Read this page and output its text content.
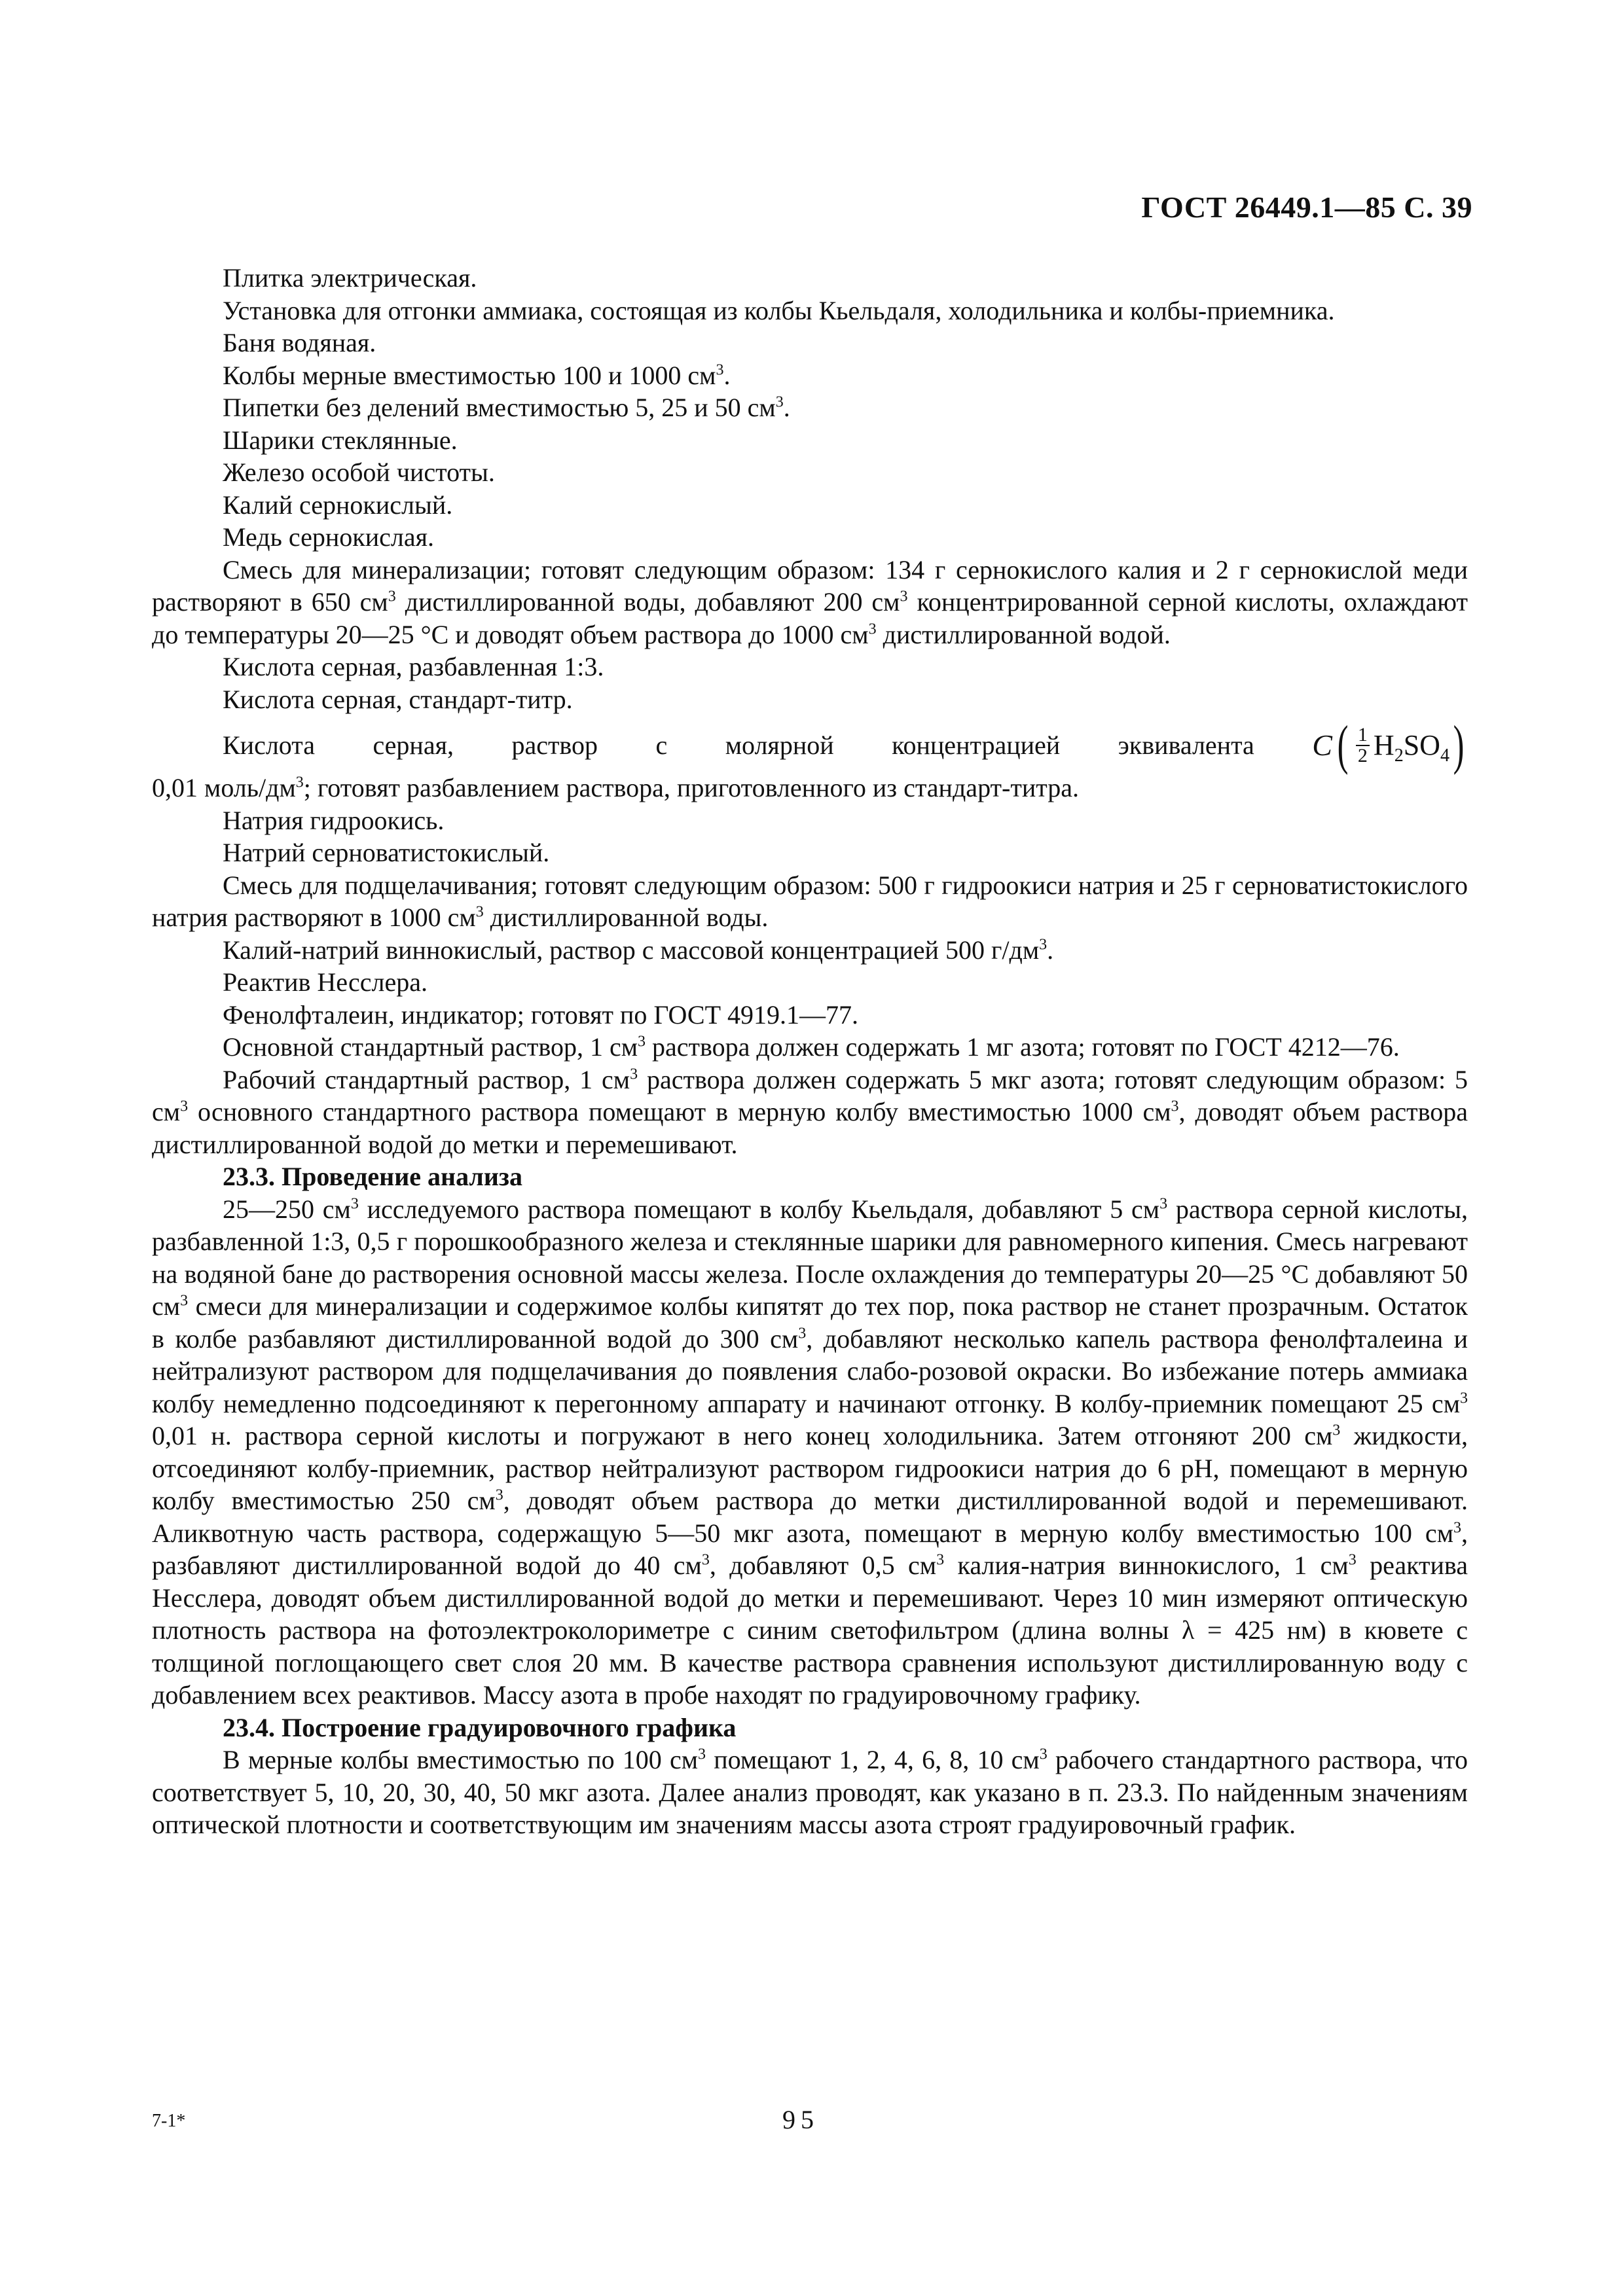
ГОСТ 26449.1—85 С. 39

Плитка электрическая.

Установка для отгонки аммиака, состоящая из колбы Кьельдаля, холодильника и колбы-приемника.

Баня водяная.

Колбы мерные вместимостью 100 и 1000 $см^3$.

Пипетки без делений вместимостью 5, 25 и 50 $см^3$.

Шарики стеклянные.

Железо особой чистоты.

Калий сернокислый.

Медь сернокислая.

Смесь для минерализации; готовят следующим образом: 134 г сернокислого калия и 2 г сернокислой меди растворяют в 650 $см^3$ дистиллированной воды, добавляют 200 $см^3$ концентрированной серной кислоты, охлаждают до температуры 20—25 °С и доводят объем раствора до 1000 $см^3$ дистиллированной водой.

Кислота серная, разбавленная 1:3.

Кислота серная, стандарт-титр.

Кислота серная, раствор с молярной концентрацией эквивалента C ( $\frac{1}{2} H_2SO_4$ )

0,01 моль/$дм^3$; готовят разбавлением раствора, приготовленного из стандарт-титра.

Натрия гидроокись.

Натрий серноватистокислый.

Смесь для подщелачивания; готовят следующим образом: 500 г гидроокиси натрия и 25 г серноватистокислого натрия растворяют в 1000 $см^3$ дистиллированной воды.

Калий-натрий виннокислый, раствор с массовой концентрацией 500 $г/дм^3$.

Реактив Несслера.

Фенолфталеин, индикатор; готовят по ГОСТ 4919.1—77.

Основной стандартный раствор, 1 $см^3$ раствора должен содержать 1 мг азота; готовят по ГОСТ 4212—76.

Рабочий стандартный раствор, 1 $см^3$ раствора должен содержать 5 мкг азота; готовят следующим образом: 5 $см^3$ основного стандартного раствора помещают в мерную колбу вместимостью 1000 $см^3$, доводят объем раствора дистиллированной водой до метки и перемешивают.

23.3. Проведение анализа

25—250 $см^3$ исследуемого раствора помещают в колбу Кьельдаля, добавляют 5 $см^3$ раствора серной кислоты, разбавленной 1:3, 0,5 г порошкообразного железа и стеклянные шарики для равномерного кипения. Смесь нагревают на водяной бане до растворения основной массы железа. После охлаждения до температуры 20—25 °С добавляют 50 $см^3$ смеси для минерализации и содержимое колбы кипятят до тех пор, пока раствор не станет прозрачным. Остаток в колбе разбавляют дистиллированной водой до 300 $см^3$, добавляют несколько капель раствора фенолфталеина и нейтрализуют раствором для подщелачивания до появления слабо-розовой окраски. Во избежание потерь аммиака колбу немедленно подсоединяют к перегонному аппарату и начинают отгонку. В колбу-приемник помещают 25 $см^3$ 0,01 н. раствора серной кислоты и погружают в него конец холодильника. Затем отгоняют 200 $см^3$ жидкости, отсоединяют колбу-приемник, раствор нейтрализуют раствором гидроокиси натрия до 6 рН, помещают в мерную колбу вместимостью 250 $см^3$, доводят объем раствора до метки дистиллированной водой и перемешивают. Аликвотную часть раствора, содержащую 5—50 мкг азота, помещают в мерную колбу вместимостью 100 $см^3$, разбавляют дистиллированной водой до 40 $см^3$, добавляют 0,5 $см^3$ калия-натрия виннокислого, 1 $см^3$ реактива Несслера, доводят объем дистиллированной водой до метки и перемешивают. Через 10 мин измеряют оптическую плотность раствора на фотоэлектроколориметре с синим светофильтром (длина волны λ = 425 нм) в кювете с толщиной поглощающего свет слоя 20 мм. В качестве раствора сравнения используют дистиллированную воду с добавлением всех реактивов. Массу азота в пробе находят по градуировочному графику.

23.4. Построение градуировочного графика

В мерные колбы вместимостью по 100 $см^3$ помещают 1, 2, 4, 6, 8, 10 $см^3$ рабочего стандартного раствора, что соответствует 5, 10, 20, 30, 40, 50 мкг азота. Далее анализ проводят, как указано в п. 23.3. По найденным значениям оптической плотности и соответствующим им значениям массы азота строят градуировочный график.

7-1*	95
